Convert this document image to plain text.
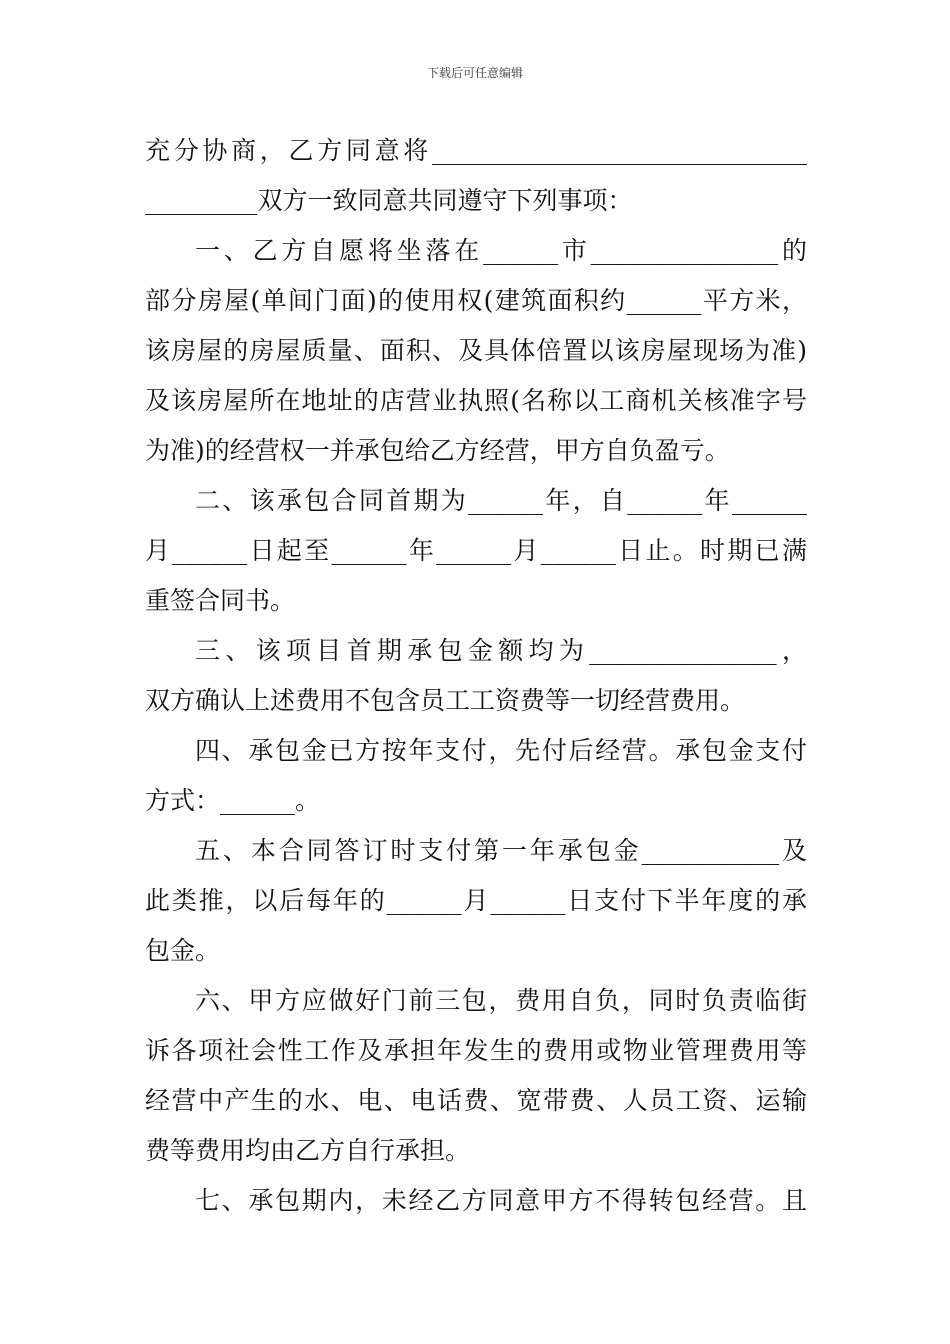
下载后可任意编辑
充分协商，乙方同意将______________________________
_________双方一致同意共同遵守下列事项：
一、乙方自愿将坐落在______市_______________的
部分房屋(单间门面)的使用权(建筑面积约______平方米，
该房屋的房屋质量、面积、及具体倍置以该房屋现场为准)
及该房屋所在地址的店营业执照(名称以工商机关核准字号
为准)的经营权一并承包给乙方经营，甲方自负盈亏。
二、该承包合同首期为______年，自______年______
月______日起至______年______月______日止。时期已满
重签合同书。
三、该项目首期承包金额均为_______________，
双方确认上述费用不包含员工工资费等一切经营费用。
四、承包金已方按年支付，先付后经营。承包金支付
方式：______。
五、本合同答订时支付第一年承包金___________及
此类推，以后每年的______月______日支付下半年度的承
包金。
六、甲方应做好门前三包，费用自负，同时负责临街
诉各项社会性工作及承担年发生的费用或物业管理费用等
经营中产生的水、电、电话费、宽带费、人员工资、运输
费等费用均由乙方自行承担。
七、承包期内，未经乙方同意甲方不得转包经营。且
